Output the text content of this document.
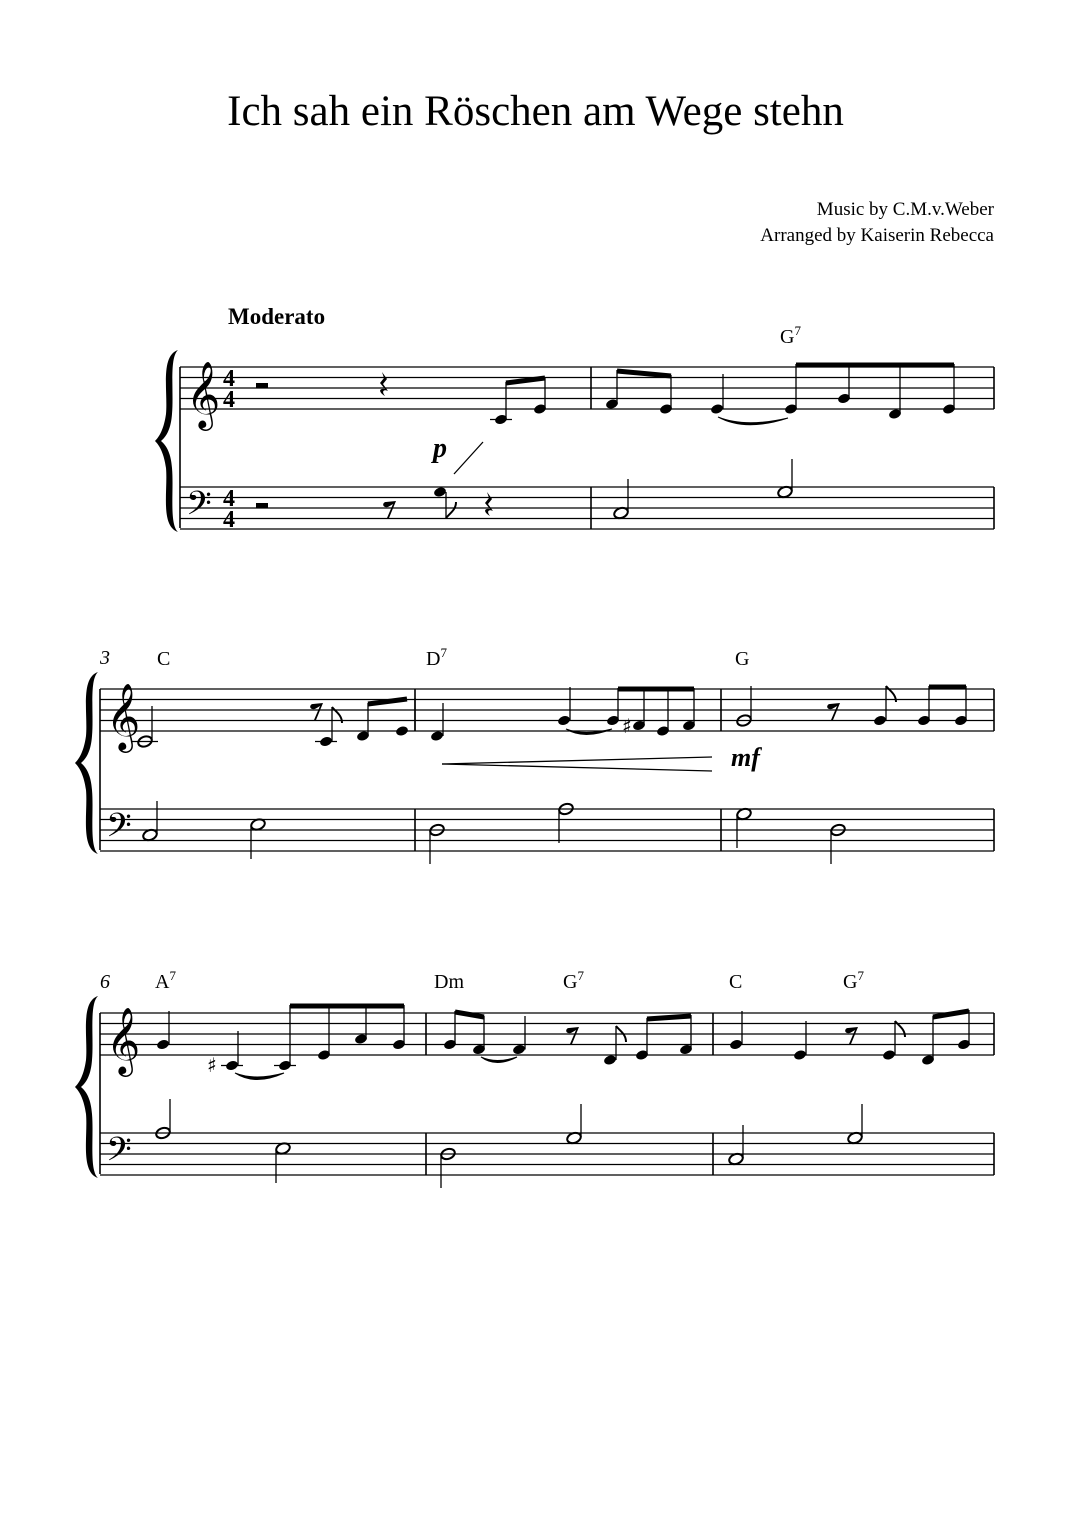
Ich sah ein Röschen am Wege stehn
Music by C.M.v.Weber
Arranged by Kaiserin Rebecca
Moderato
𝄞
𝄢
4
4
4
4
p
$G^7$
𝄞
𝄢
3 C	$D^7$	G
♯
mf
𝄞
𝄢
6 $A^7$	Dm	$G^7$	C	$G^7$
♯
